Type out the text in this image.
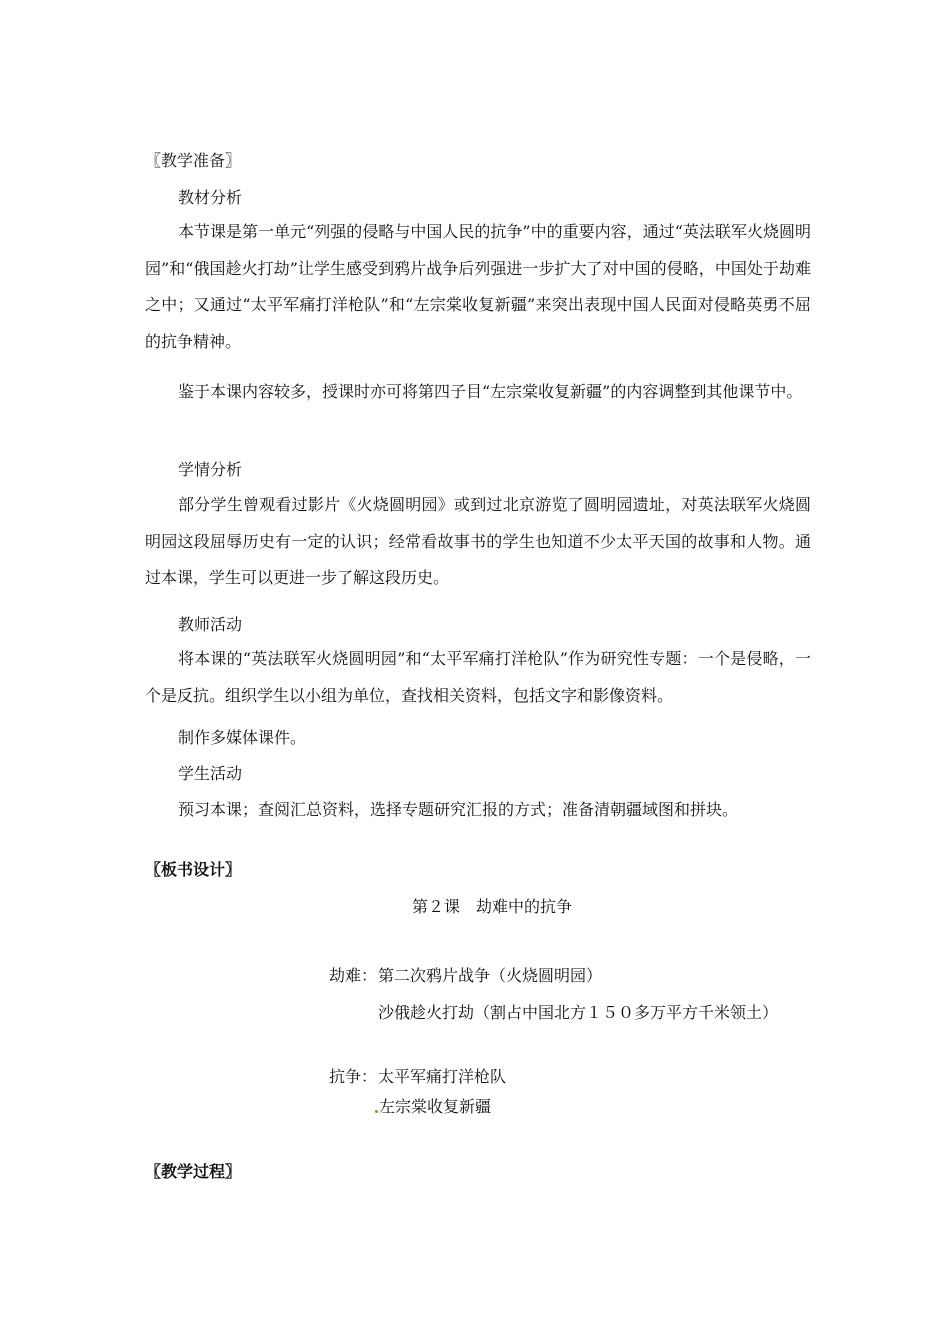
〖教学准备〗
教材分析
本节课是第一单元“列强的侵略与中国人民的抗争”中的重要内容，通过“英法联军火烧圆明园”和“俄国趁火打劫”让学生感受到鸦片战争后列强进一步扩大了对中国的侵略，中国处于劫难之中；又通过“太平军痛打洋枪队”和“左宗棠收复新疆”来突出表现中国人民面对侵略英勇不屈的抗争精神。
鉴于本课内容较多，授课时亦可将第四子目“左宗棠收复新疆”的内容调整到其他课节中。
学情分析
部分学生曾观看过影片《火烧圆明园》或到过北京游览了圆明园遗址，对英法联军火烧圆明园这段屈辱历史有一定的认识；经常看故事书的学生也知道不少太平天国的故事和人物。通过本课，学生可以更进一步了解这段历史。
教师活动
将本课的“英法联军火烧圆明园”和“太平军痛打洋枪队”作为研究性专题：一个是侵略，一个是反抗。组织学生以小组为单位，查找相关资料，包括文字和影像资料。
制作多媒体课件。
学生活动
预习本课；查阅汇总资料，选择专题研究汇报的方式；准备清朝疆域图和拼块。
〖板书设计〗
第２课　劫难中的抗争
劫难： 第二次鸦片战争（火烧圆明园）
沙俄趁火打劫（割占中国北方１５０多万平方千米领土）
抗争： 太平军痛打洋枪队
左宗棠收复新疆
〖教学过程〗
